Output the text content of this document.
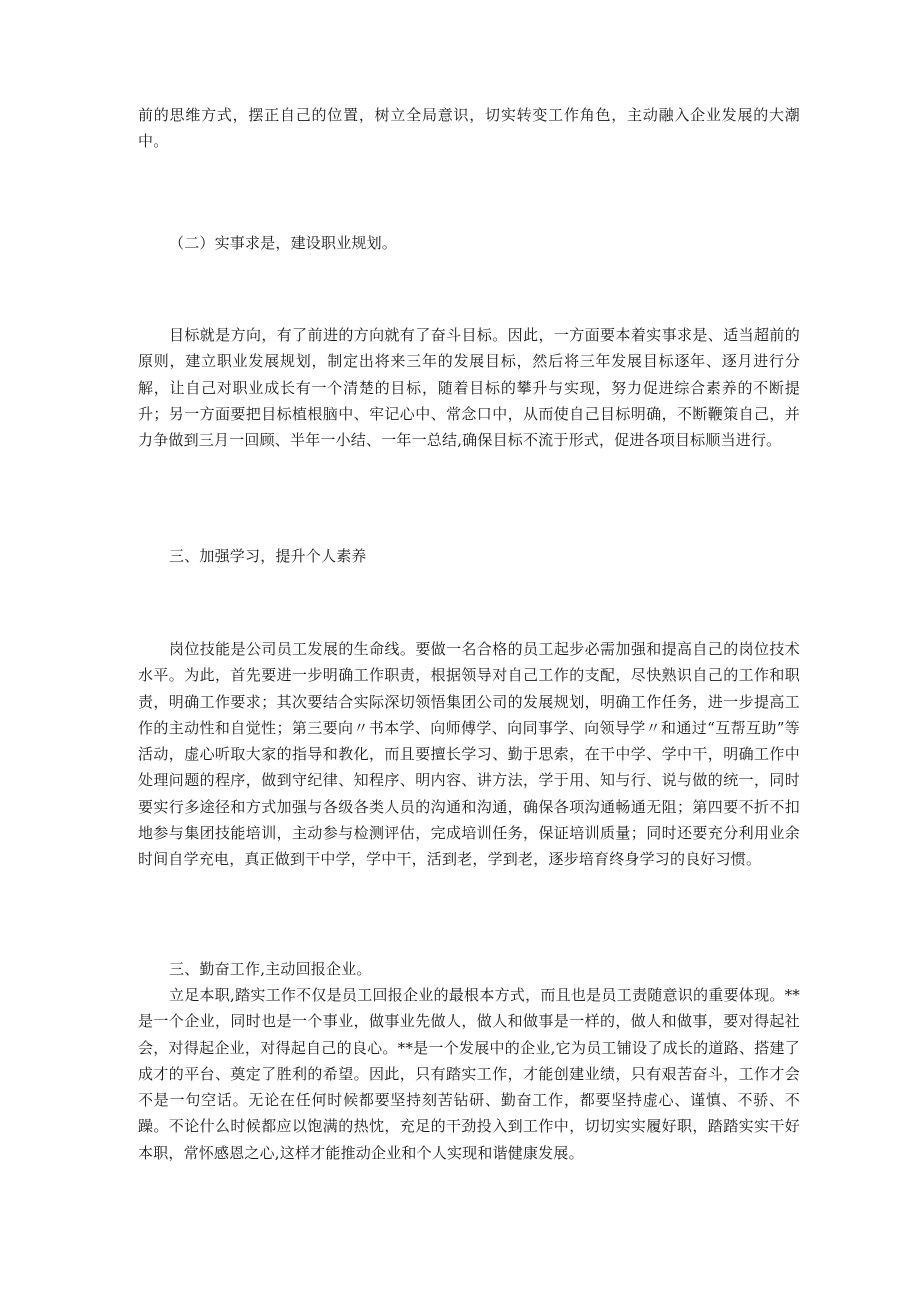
前的思维方式，摆正自己的位置，树立全局意识，切实转变工作角色，主动融入企业发展的大潮中。

（二）实事求是，建设职业规划。

目标就是方向，有了前进的方向就有了奋斗目标。因此，一方面要本着实事求是、适当超前的原则，建立职业发展规划，制定出将来三年的发展目标，然后将三年发展目标逐年、逐月进行分解，让自己对职业成长有一个清楚的目标，随着目标的攀升与实现，努力促进综合素养的不断提升；另一方面要把目标植根脑中、牢记心中、常念口中，从而使自己目标明确，不断鞭策自己，并力争做到三月一回顾、半年一小结、一年一总结,确保目标不流于形式，促进各项目标顺当进行。

三、加强学习，提升个人素养

岗位技能是公司员工发展的生命线。要做一名合格的员工起步必需加强和提高自己的岗位技术水平。为此，首先要进一步明确工作职责，根据领导对自己工作的支配，尽快熟识自己的工作和职责，明确工作要求；其次要结合实际深切领悟集团公司的发展规划，明确工作任务，进一步提高工作的主动性和自觉性；第三要向〃书本学、向师傅学、向同事学、向领导学〃和通过“互帮互助”等活动，虚心听取大家的指导和教化，而且要擅长学习、勤于思索，在干中学、学中干，明确工作中处理问题的程序，做到守纪律、知程序、明内容、讲方法，学于用、知与行、说与做的统一，同时要实行多途径和方式加强与各级各类人员的沟通和沟通，确保各项沟通畅通无阻；第四要不折不扣地参与集团技能培训，主动参与检测评估，完成培训任务，保证培训质量；同时还要充分利用业余时间自学充电，真正做到干中学，学中干，活到老，学到老，逐步培育终身学习的良好习惯。

三、勤奋工作,主动回报企业。

立足本职,踏实工作不仅是员工回报企业的最根本方式，而且也是员工责随意识的重要体现。**是一个企业，同时也是一个事业，做事业先做人，做人和做事是一样的，做人和做事，要对得起社会，对得起企业，对得起自己的良心。**是一个发展中的企业,它为员工铺设了成长的道路、搭建了成才的平台、奠定了胜利的希望。因此，只有踏实工作，才能创建业绩，只有艰苦奋斗，工作才会不是一句空话。无论在任何时候都要坚持刻苦钻研、勤奋工作，都要坚持虚心、谨慎、不骄、不躁。不论什么时候都应以饱满的热忱，充足的干劲投入到工作中，切切实实履好职，踏踏实实干好本职，常怀感恩之心,这样才能推动企业和个人实现和谐健康发展。
